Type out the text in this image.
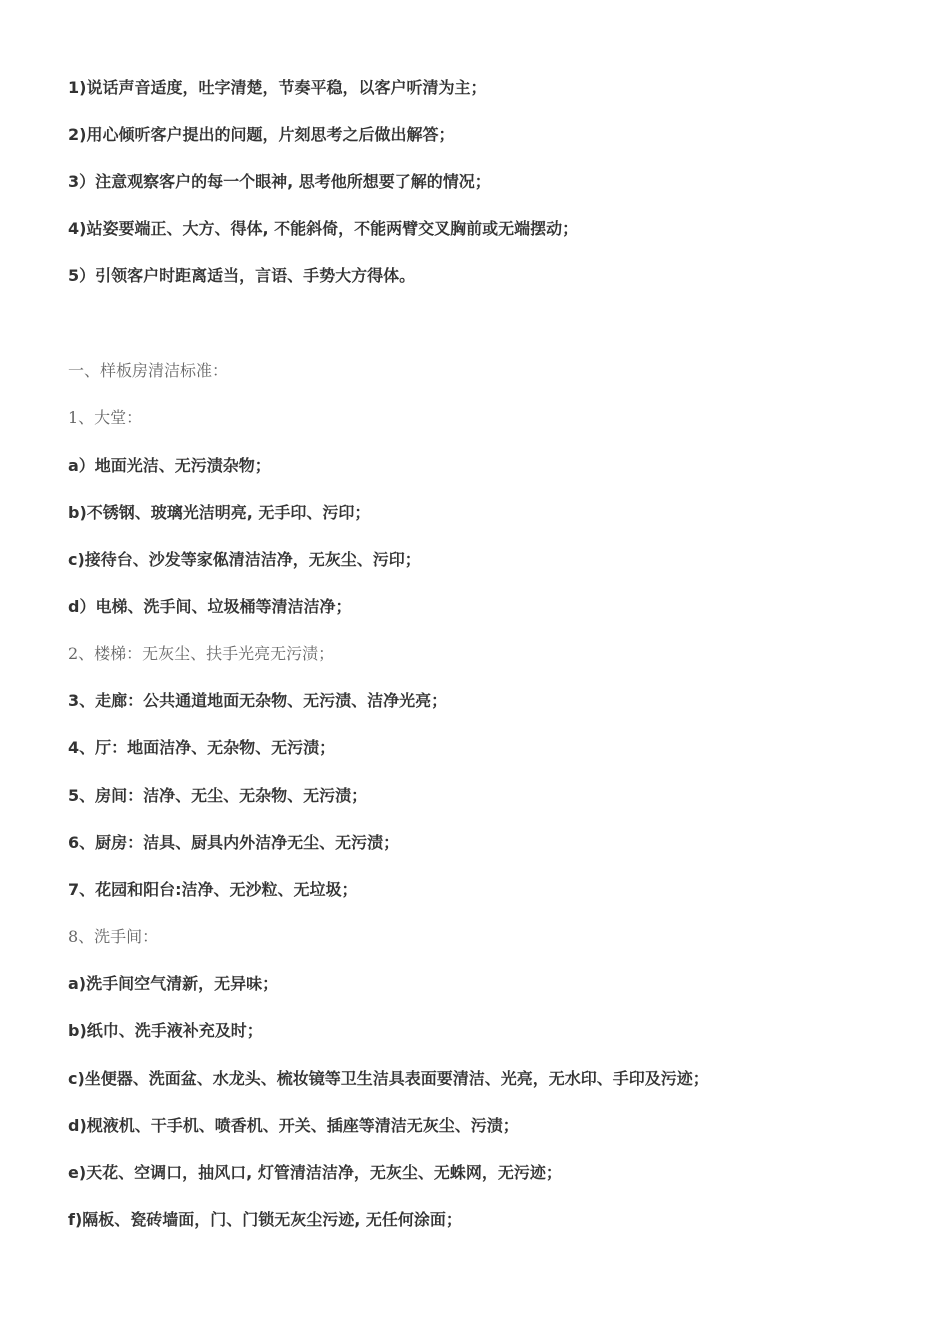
1)说话声音适度，吐字清楚，节奏平稳，以客户听清为主；
2)用心倾听客户提出的问题，片刻思考之后做出解答；
3）注意观察客户的每一个眼神, 思考他所想要了解的情况；
4)站姿要端正、大方、得体, 不能斜倚，不能两臂交叉胸前或无端摆动；
5）引领客户时距离适当，言语、手势大方得体。
一、样板房清洁标准：
1、大堂：
a）地面光洁、无污渍杂物；
b)不锈钢、玻璃光洁明亮, 无手印、污印；
c)接待台、沙发等家俬清洁洁净，无灰尘、污印；
d）电梯、洗手间、垃圾桶等清洁洁净；
2、楼梯：无灰尘、扶手光亮无污渍；
3、走廊：公共通道地面无杂物、无污渍、洁净光亮；
4、厅：地面洁净、无杂物、无污渍；
5、房间：洁净、无尘、无杂物、无污渍；
6、厨房：洁具、厨具内外洁净无尘、无污渍；
7、花园和阳台:洁净、无沙粒、无垃圾；
8、洗手间：
a)洗手间空气清新，无异味；
b)纸巾、洗手液补充及时；
c)坐便器、洗面盆、水龙头、梳妆镜等卫生洁具表面要清洁、光亮，无水印、手印及污迹；
d)枧液机、干手机、喷香机、开关、插座等清洁无灰尘、污渍；
e)天花、空调口，抽风口, 灯管清洁洁净，无灰尘、无蛛网，无污迹；
f)隔板、瓷砖墙面，门、门锁无灰尘污迹, 无任何涂面；
